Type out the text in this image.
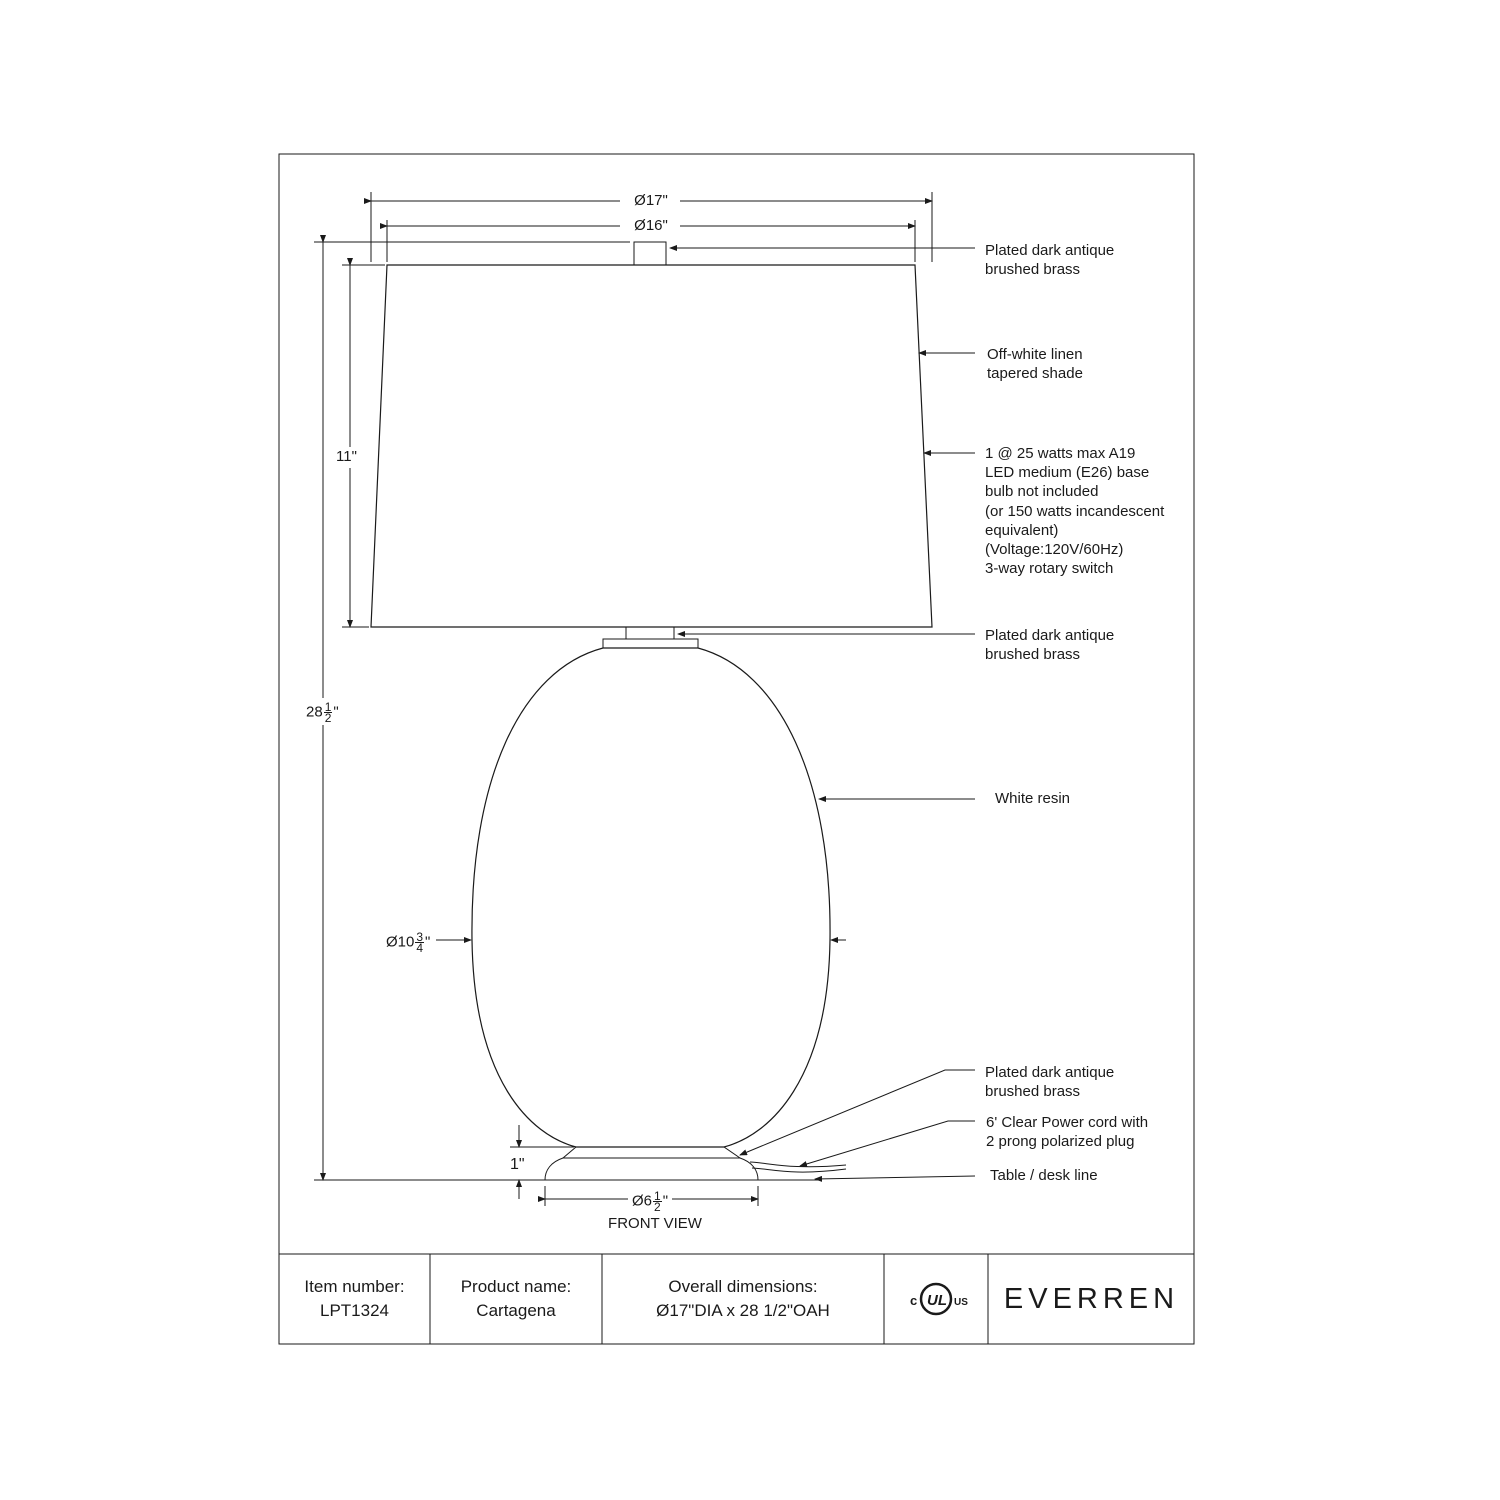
Ø17"
Ø16"
11"
$28 \frac{1}{2}$ "
Ø10 $\frac{3}{4}$ "
1"
Ø6 $\frac{1}{2}$ "
FRONT VIEW
Plated dark antique
brushed brass
Off-white linen
tapered shade
1 @ 25 watts max A19
LED medium (E26) base
bulb not included
(or 150 watts incandescent
equivalent)
(Voltage:120V/60Hz)
3-way rotary switch
Plated dark antique
brushed brass
White resin
Plated dark antique
brushed brass
6' Clear Power cord with
2 prong polarized plug
Table / desk line
Item number:
LPT1324
Product name:
Cartagena
Overall dimensions:
Ø17"DIA x 28 1/2"OAH
c UL US	EVERREN
